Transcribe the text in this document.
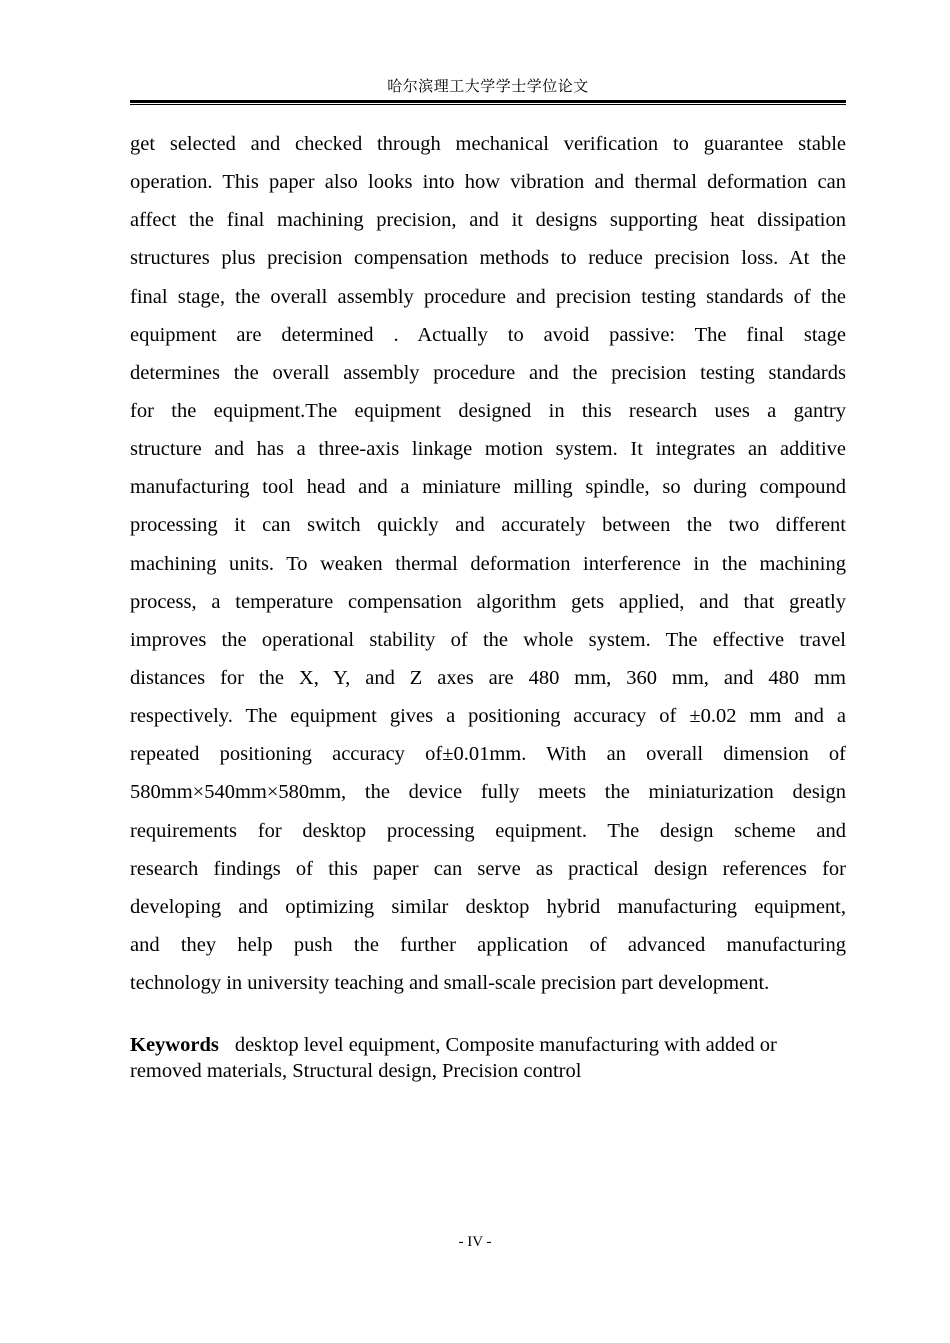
哈尔滨理工大学学士学位论文
get selected and checked through mechanical verification to guarantee stable
operation. This paper also looks into how vibration and thermal deformation can
affect the final machining precision, and it designs supporting heat dissipation
structures plus precision compensation methods to reduce precision loss. At the
final stage, the overall assembly procedure and precision testing standards of the
equipment are determined . Actually to avoid passive: The final stage
determines the overall assembly procedure and the precision testing standards
for the equipment.The equipment designed in this research uses a gantry
structure and has a three-axis linkage motion system. It integrates an additive
manufacturing tool head and a miniature milling spindle, so during compound
processing it can switch quickly and accurately between the two different
machining units. To weaken thermal deformation interference in the machining
process, a temperature compensation algorithm gets applied, and that greatly
improves the operational stability of the whole system. The effective travel
distances for the X, Y, and Z axes are 480 mm, 360 mm, and 480 mm
respectively. The equipment gives a positioning accuracy of ±0.02 mm and a
repeated positioning accuracy of±0.01mm. With an overall dimension of
580mm×540mm×580mm, the device fully meets the miniaturization design
requirements for desktop processing equipment. The design scheme and
research findings of this paper can serve as practical design references for
developing and optimizing similar desktop hybrid manufacturing equipment,
and they help push the further application of advanced manufacturing
technology in university teaching and small-scale precision part development.

Keywords desktop level equipment, Composite manufacturing with added or removed materials, Structural design, Precision control

- IV -
